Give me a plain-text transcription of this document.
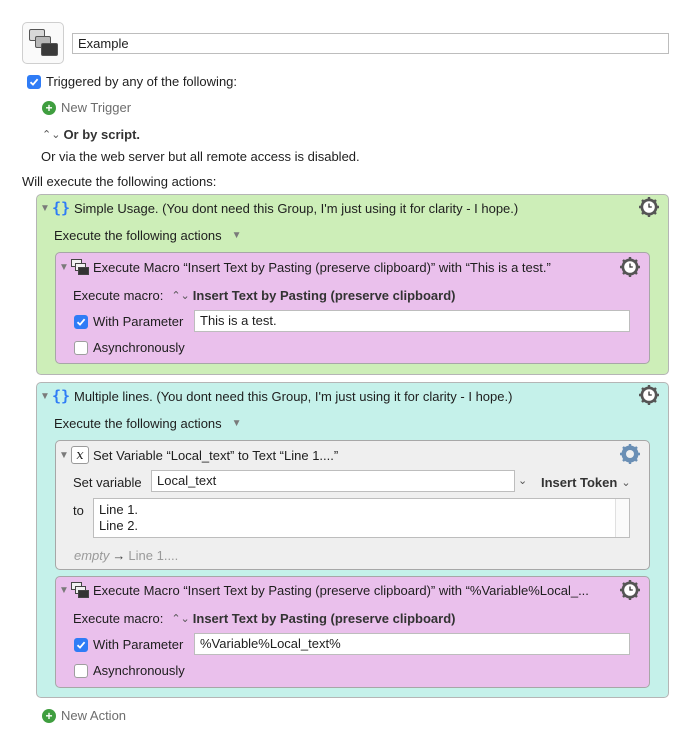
Example
Triggered by any of the following:
+ New Trigger
⌃⌄ Or by script.
Or via the web server but all remote access is disabled.
Will execute the following actions:
▼ {} Simple Usage. (You dont need this Group, I'm just using it for clarity - I hope.)
Execute the following actions ▼
▼ Execute Macro “Insert Text by Pasting (preserve clipboard)” with “This is a test.”
Execute macro: ⌃⌄ Insert Text by Pasting (preserve clipboard)
With Parameter	This is a test.
Asynchronously
▼ {} Multiple lines. (You dont need this Group, I'm just using it for clarity - I hope.)
Execute the following actions ▼
▼ 𝑥 Set Variable “Local_text” to Text “Line 1....”
Set variable	Local_text	⌄ Insert Token ⌄
to Line 1.
Line 2.
empty → Line 1....
▼ Execute Macro “Insert Text by Pasting (preserve clipboard)” with “%Variable%Local_...
Execute macro: ⌃⌄ Insert Text by Pasting (preserve clipboard)
With Parameter	%Variable%Local_text%
Asynchronously
+ New Action
